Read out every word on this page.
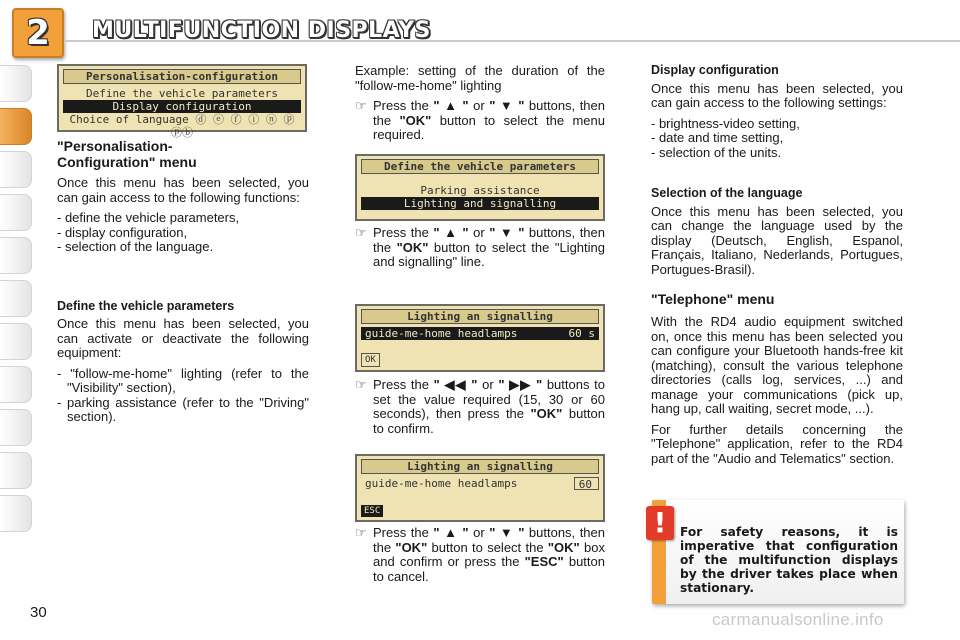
2 MULTIFUNCTION DISPLAYS
Personalisation-configuration
Define the vehicle parameters
Display configuration
Choice of language ⓓ ⓔ ⓕ ⓘ ⓝ ⓟ ⓟⓑ
"Personalisation-Configuration" menu

Once this menu has been selected, you can gain access to the following functions:

- define the vehicle parameters,
- display configuration,
- selection of the language.
Define the vehicle parameters

Once this menu has been selected, you can activate or deactivate the following equipment:

- "follow-me-home" lighting (refer to the "Visibility" section),
- parking assistance (refer to the "Driving" section).

Example: setting of the duration of the "follow-me-home" lighting

☞ Press the " ▲ " or " ▼ " buttons, then the "OK" button to select the menu required.
Define the vehicle parameters
Parking assistance
Lighting and signalling
☞ Press the " ▲ " or " ▼ " buttons, then the "OK" button to select the "Lighting and signalling" line.
Lighting an signalling
guide-me-home headlamps	60 s
OK
☞ Press the " ◀◀ " or " ▶▶ " buttons to set the value required (15, 30 or 60 seconds), then press the "OK" button to confirm.
Lighting an signalling
guide-me-home headlamps	60
ESC
☞ Press the " ▲ " or " ▼ " buttons, then the "OK" button to select the "OK" box and confirm or press the "ESC" button to cancel.
Display configuration

Once this menu has been selected, you can gain access to the following settings:

- brightness-video setting,
- date and time setting,
- selection of the units.
Selection of the language

Once this menu has been selected, you can change the language used by the display (Deutsch, English, Espanol, Français, Italiano, Nederlands, Portugues, Portugues-Brasil).

"Telephone" menu

With the RD4 audio equipment switched on, once this menu has been selected you can configure your Bluetooth hands-free kit (matching), consult the various telephone directories (calls log, services, ...) and manage your communications (pick up, hang up, call waiting, secret mode, ...).

For further details concerning the "Telephone" application, refer to the RD4 part of the "Audio and Telematics" section.

!	For safety reasons, it is imperative that configuration of the multifunction displays by the driver takes place when stationary.
30	carmanualsonline.info
